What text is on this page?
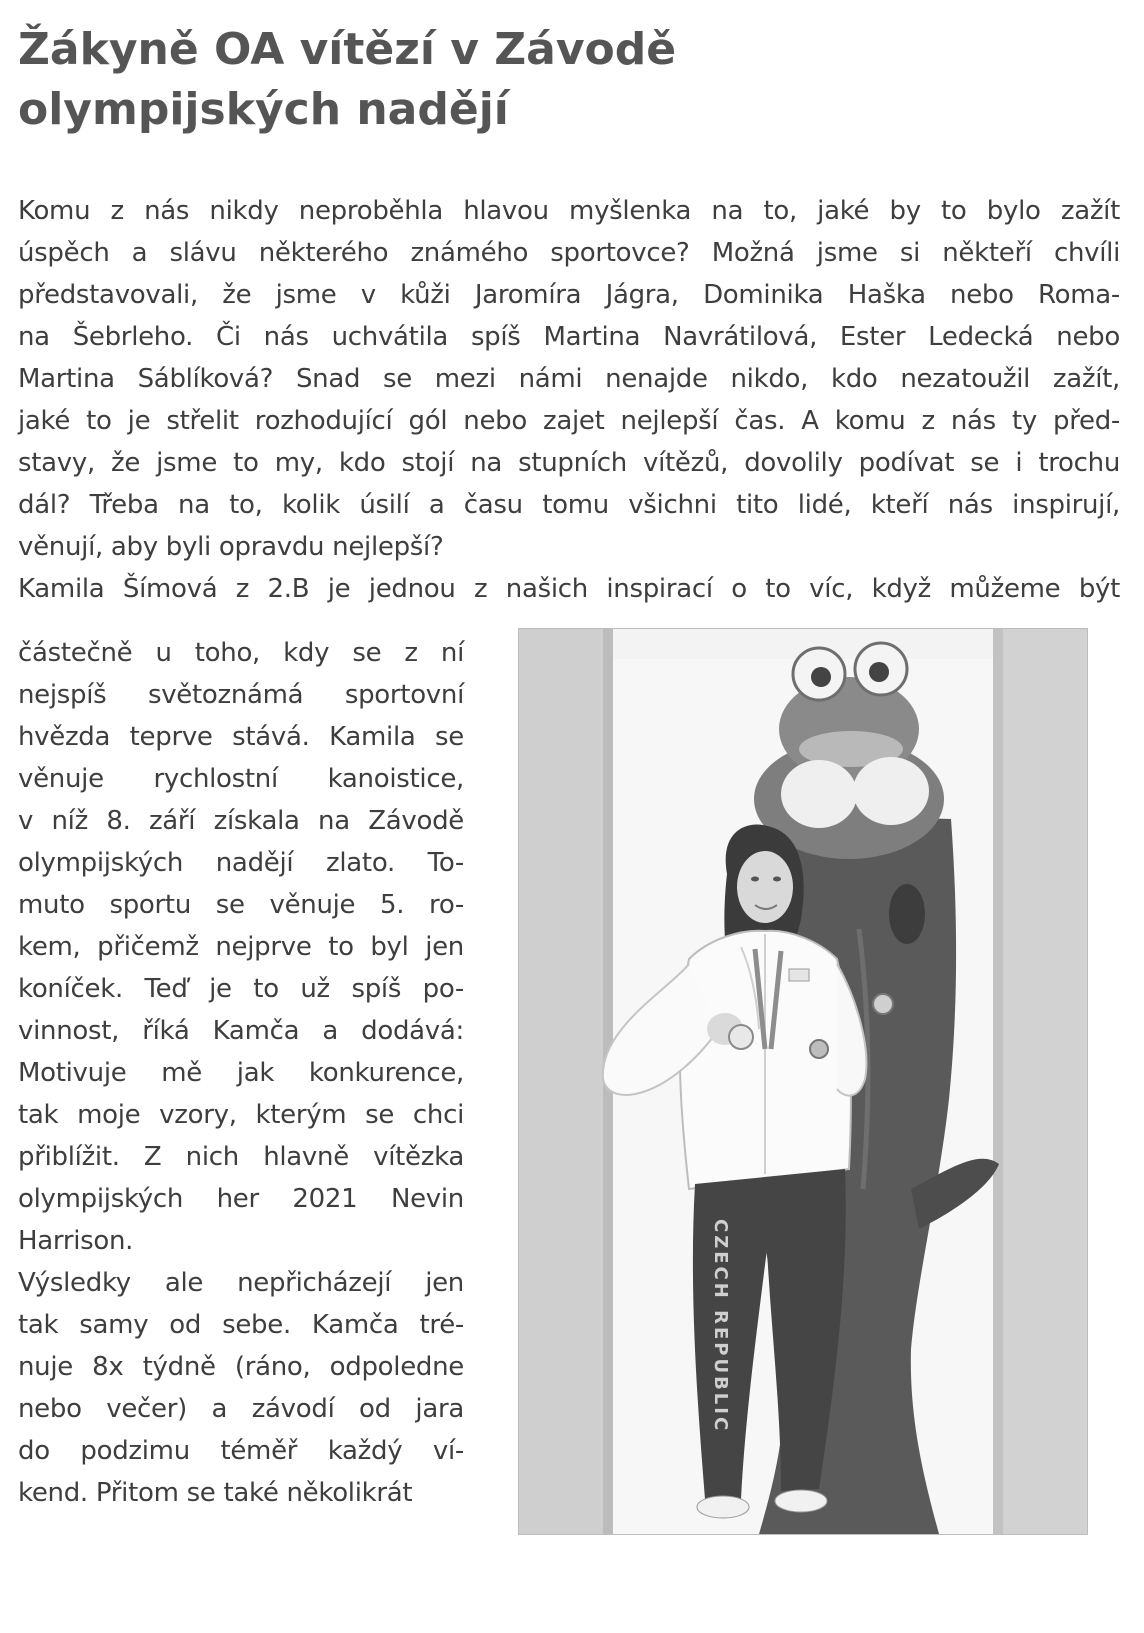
Žákyně OA vítězí v Závodě
olympijských nadějí
Komu z nás nikdy neproběhla hlavou myšlenka na to, jaké by to bylo zažít
úspěch a slávu některého známého sportovce? Možná jsme si někteří chvíli
představovali, že jsme v kůži Jaromíra Jágra, Dominika Haška nebo Roma-
na Šebrleho. Či nás uchvátila spíš Martina Navrátilová, Ester Ledecká nebo
Martina Sáblíková? Snad se mezi námi nenajde nikdo, kdo nezatoužil zažít,
jaké to je střelit rozhodující gól nebo zajet nejlepší čas. A komu z nás ty před-
stavy, že jsme to my, kdo stojí na stupních vítězů, dovolily podívat se i trochu
dál? Třeba na to, kolik úsilí a času tomu všichni tito lidé, kteří nás inspirují,
věnují, aby byli opravdu nejlepší?
Kamila Šímová z 2.B je jednou z našich inspirací o to víc, když můžeme být
částečně u toho, kdy se z ní
nejspíš světoznámá sportovní
hvězda teprve stává. Kamila se
věnuje rychlostní kanoistice,
v níž 8. září získala na Závodě
olympijských nadějí zlato. To-
muto sportu se věnuje 5. ro-
kem, přičemž nejprve to byl jen
koníček. Teď je to už spíš po-
vinnost, říká Kamča a dodává:
Motivuje mě jak konkurence,
tak moje vzory, kterým se chci
přiblížit. Z nich hlavně vítězka
olympijských her 2021 Nevin
Harrison.
Výsledky ale nepřicházejí jen
tak samy od sebe. Kamča tré-
nuje 8x týdně (ráno, odpoledne
nebo večer) a závodí od jara
do podzimu téměř každý ví-
kend. Přitom se také několikrát
CZECH REPUBLIC
